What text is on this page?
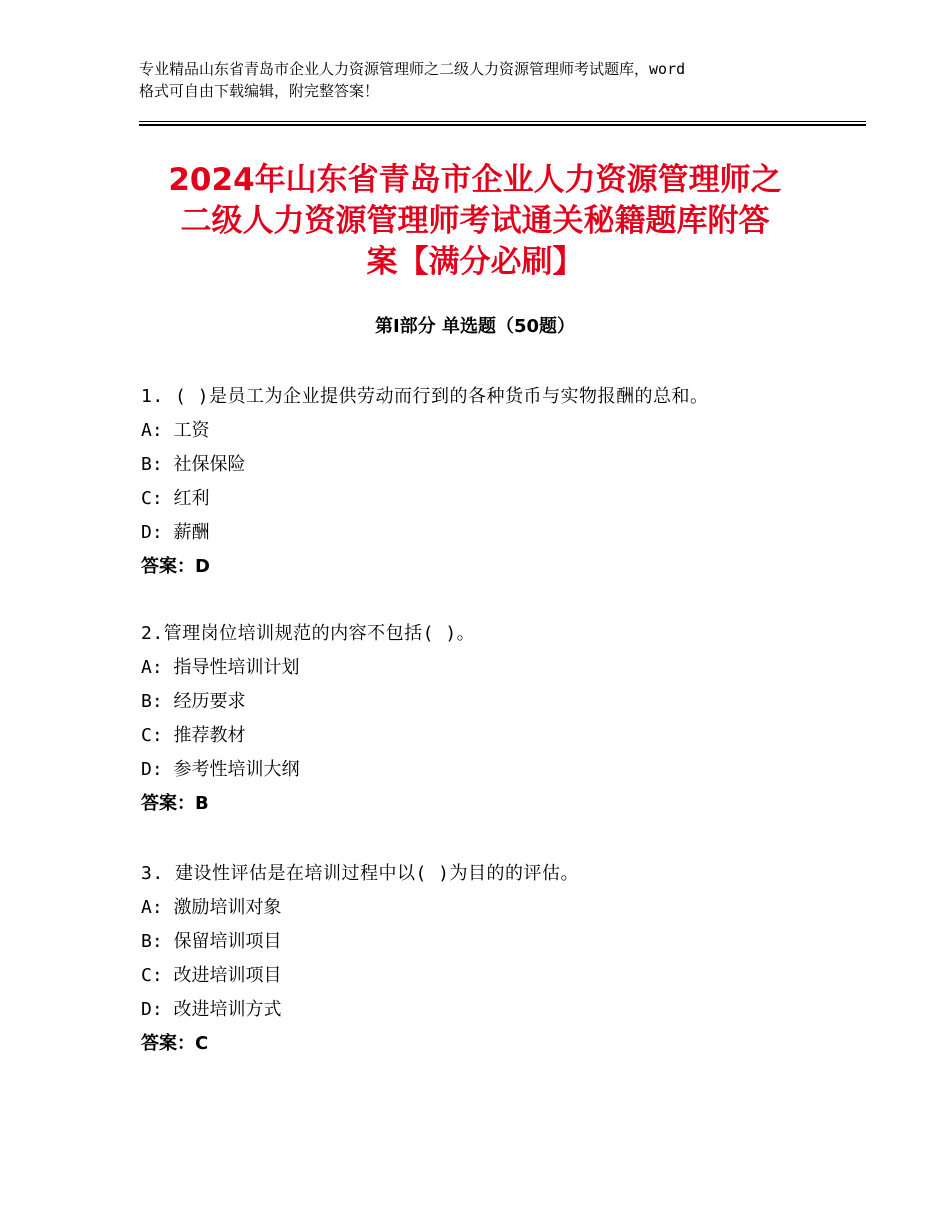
专业精品山东省青岛市企业人力资源管理师之二级人力资源管理师考试题库，word
格式可自由下载编辑，附完整答案！
2024年山东省青岛市企业人力资源管理师之
二级人力资源管理师考试通关秘籍题库附答
案【满分必刷】
第Ⅰ部分 单选题（50题）
1. ( )是员工为企业提供劳动而行到的各种货币与实物报酬的总和。
A: 工资
B: 社保保险
C: 红利
D: 薪酬
答案：D
2.管理岗位培训规范的内容不包括( )。
A: 指导性培训计划
B: 经历要求
C: 推荐教材
D: 参考性培训大纲
答案：B
3. 建设性评估是在培训过程中以( )为目的的评估。
A: 激励培训对象
B: 保留培训项目
C: 改进培训项目
D: 改进培训方式
答案：C
